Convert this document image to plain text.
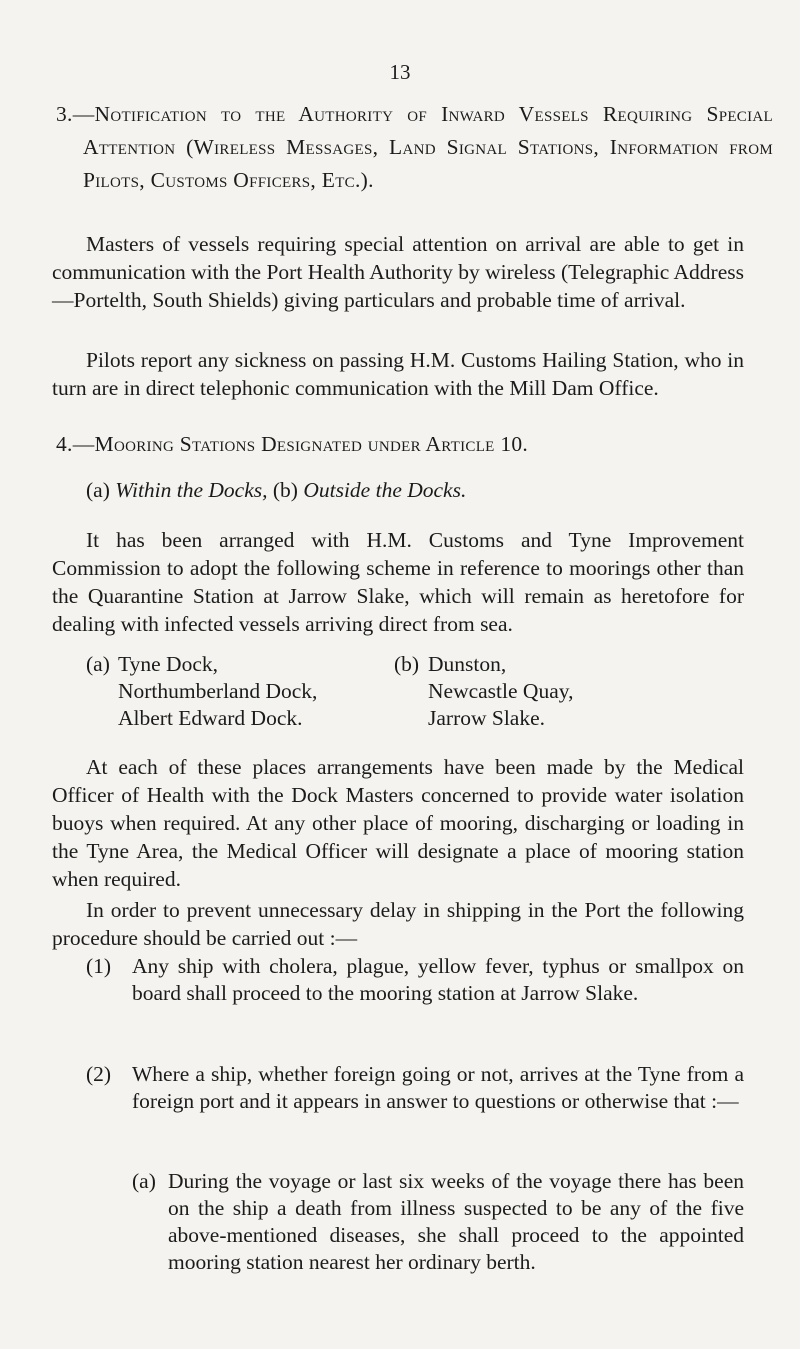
13

3.—Notification to the Authority of Inward Vessels Requiring Special Attention (Wireless Messages, Land Signal Stations, Information from Pilots, Customs Officers, Etc.).

Masters of vessels requiring special attention on arrival are able to get in communication with the Port Health Authority by wireless (Telegraphic Address—Portelth, South Shields) giving particulars and probable time of arrival.

Pilots report any sickness on passing H.M. Customs Hailing Station, who in turn are in direct telephonic communication with the Mill Dam Office.

4.—Mooring Stations Designated under Article 10.

(a) Within the Docks, (b) Outside the Docks.

It has been arranged with H.M. Customs and Tyne Improvement Commission to adopt the following scheme in reference to moorings other than the Quarantine Station at Jarrow Slake, which will remain as heretofore for dealing with infected vessels arriving direct from sea.

(a) Tyne Dock,
Northumberland Dock,
Albert Edward Dock.
(b) Dunston,
Newcastle Quay,
Jarrow Slake.

At each of these places arrangements have been made by the Medical Officer of Health with the Dock Masters concerned to provide water isolation buoys when required. At any other place of mooring, discharging or loading in the Tyne Area, the Medical Officer will designate a place of mooring station when required.

In order to prevent unnecessary delay in shipping in the Port the following procedure should be carried out :—

(1) Any ship with cholera, plague, yellow fever, typhus or smallpox on board shall proceed to the mooring station at Jarrow Slake.
(2) Where a ship, whether foreign going or not, arrives at the Tyne from a foreign port and it appears in answer to questions or otherwise that :—
(a) During the voyage or last six weeks of the voyage there has been on the ship a death from illness suspected to be any of the five above-mentioned diseases, she shall proceed to the appointed mooring station nearest her ordinary berth.
